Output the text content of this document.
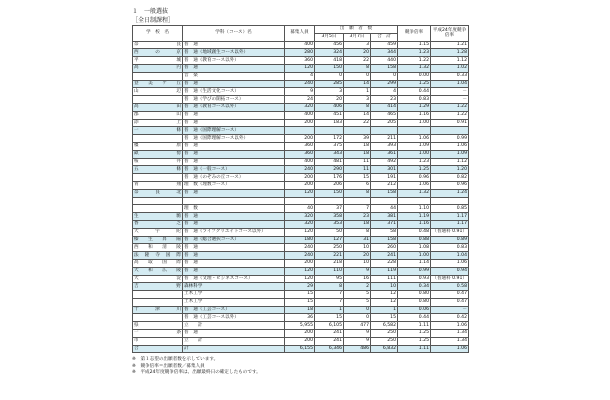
１　一般選抜
［全日制課程］
学　校　名	学科（コース）名	募集人員	出　願　者　数			競争倍率	平成24年度競争倍率
			3月5日	3月7日	合　計		
奈　良	普　通	400	456	3	459	1.15	1.21
西　の　京	普　通（地域創生コース以外）	280	324	20	344	1.23	1.28
平　城	普　通（教育コース以外）	360	418	22	440	1.22	1.12
高　円	普　通	120	150	8	158	1.32	1.02
	音　楽	4	0	0	0	0.00	0.33
登　美　ケ　丘	普　通	240	285	14	299	1.25	1.04
山　辺	普　通（生活文化コース）	9	3	1	4	0.44	－
	普　通（学びの開拓コース）	24	20	3	23	0.83	－
高　田	普　通（教育コース以外）	320	406	8	414	1.29	1.22
郡　山	普　通	400	451	14	465	1.16	1.22
添　上	普　通	200	183	22	205	1.00	0.91
一　條	普　通（国際理解コース）						
	普　通（国際理解コース以外）	200	172	39	211	1.06	0.99
橿　原	普　通	360	375	18	393	1.09	1.06
畝　傍	普　通	360	343	18	361	1.00	1.09
桜　井	普　通	400	481	11	492	1.23	1.12
五　條	普　通（一般コース）	240	290	11	301	1.25	1.20
	普　通（のぞみの丘コース）	200	176	15	191	0.96	0.82
青　翔	理　数（理数コース）	200	206	6	212	1.06	0.96
奈　良　北	普　通	120	150	8	158	1.32	1.24

	理　数	40	37	7	44	1.10	0.85
生　駒	普　通	320	358	23	381	1.19	1.17
香　芝	普　通	320	353	18	371	1.16	1.17
大　宇　陀	普　通（ライフクリエイトコース以外）	120	50	8	58	0.48	（普通科 0.91）
榛　生　昇　陽	普　通（総合選択コース）	180	127	31	158	0.88	0.89
西　和　清　陵	普　通	240	250	10	260	1.08	0.83
法　隆　寺　国　際	普　通	240	221	20	241	1.00	1.04
高　取　国　際	普　通	200	218	10	228	1.14	1.06
大　和　広　陵	普　通	120	110	9	119	0.99	0.94
大　淀	普　通（文理・ビジネスコース）	120	95	16	111	0.93	（普通科 0.91）
吉　野	森林科学	29	8	2	10	0.34	0.58
	土木工学	15	7	5	12	0.80	0.47
	土木工学	15	7	5	12	0.80	0.47
十　津　川	普　通（工芸コース）	18	1	0	1	0.06	－
	普　通（工芸コース以外）	36	15	0	15	0.44	0.42
県	立　　計	5,955	6,105	477	6,582	1.11	1.06
一　条	普　通	200	241	9	250	1.25	1.34
市	立　　計	200	241	9	250	1.25	1.34
合	計	6,155	6,346	486	6,832	1.11	1.06
※　第１志望の出願者数を示しています。
※　競争倍率＝出願者数／募集人員
※　平成24年度競争倍率は、出願最終日の確定したものです。
